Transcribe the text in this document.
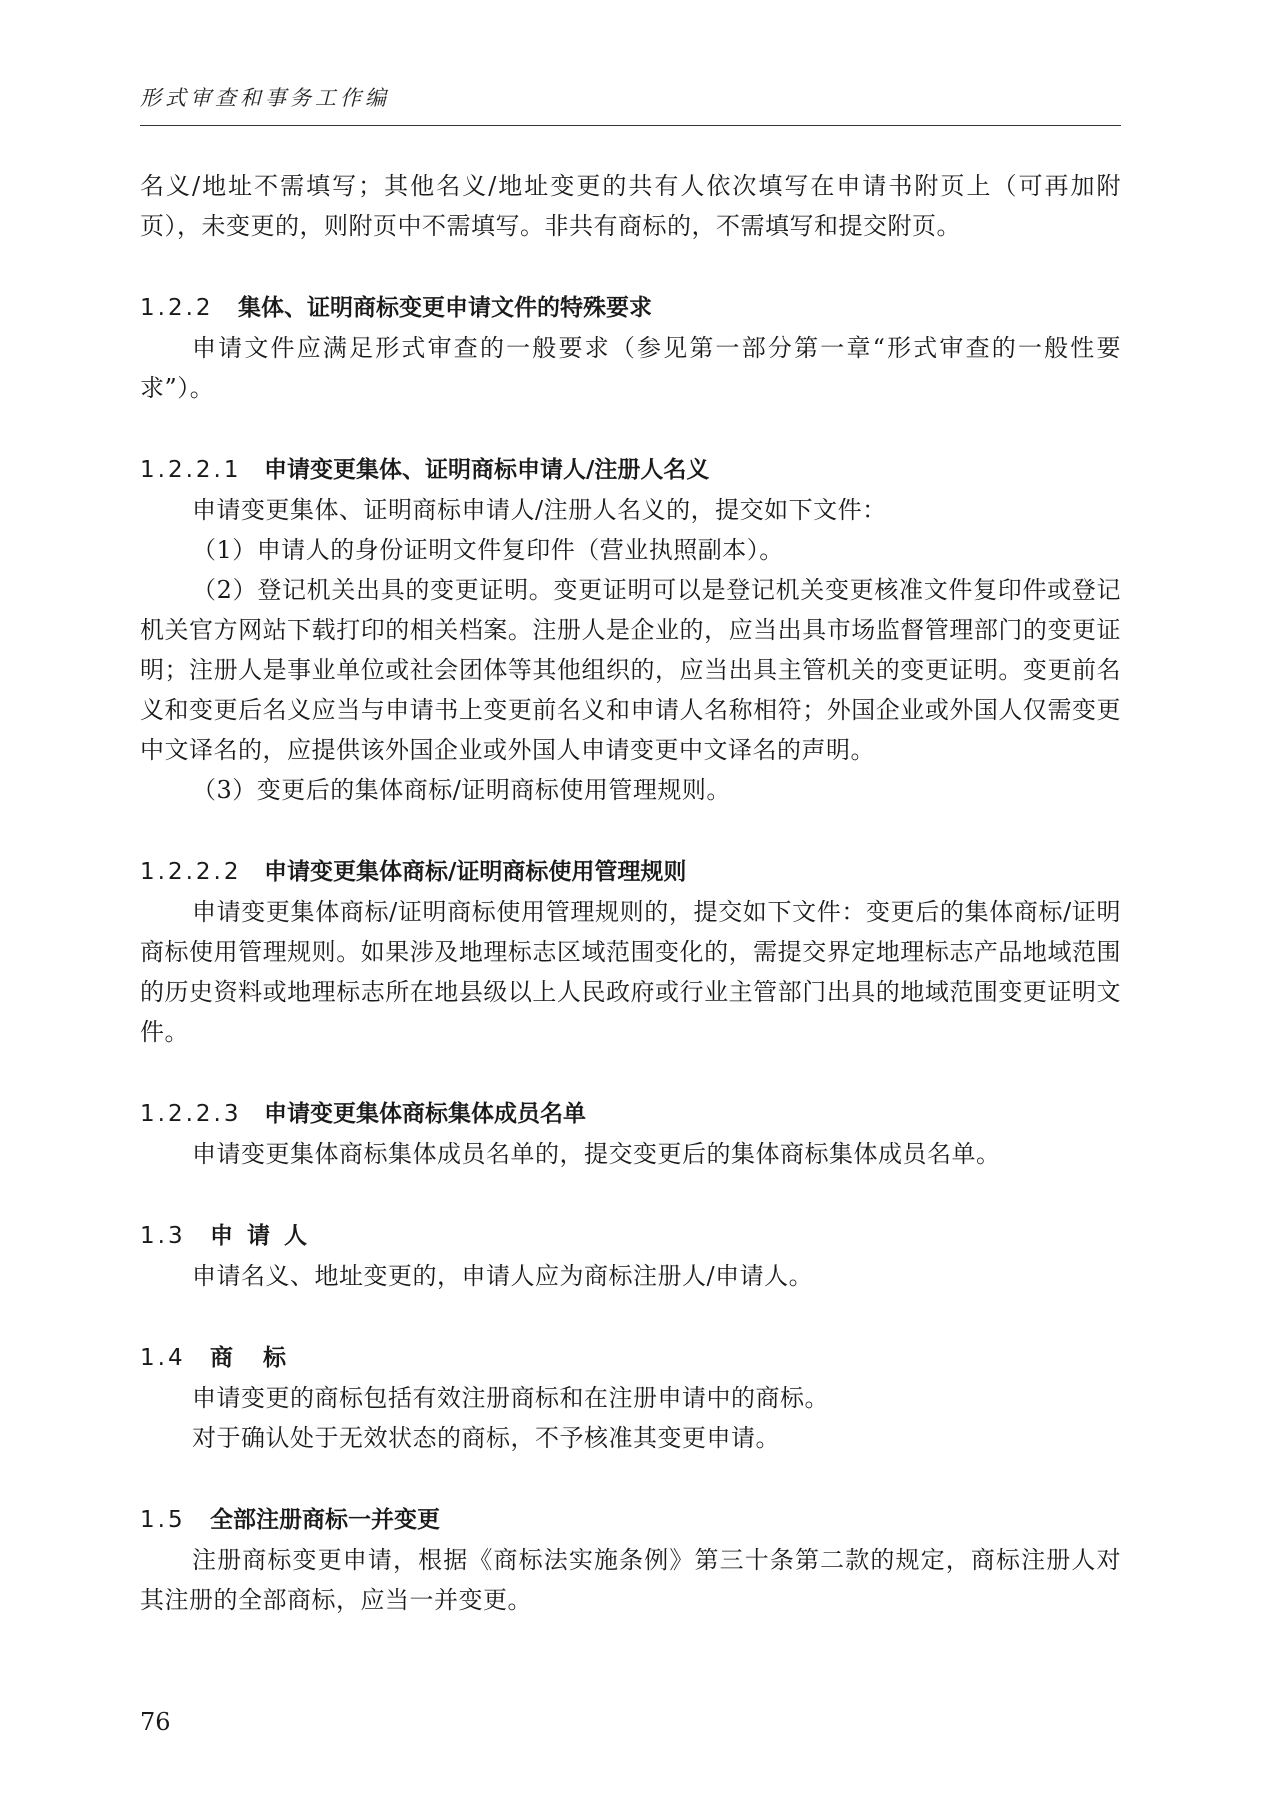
形式审查和事务工作编

名义/地址不需填写；其他名义/地址变更的共有人依次填写在申请书附页上（可再加附页），未变更的，则附页中不需填写。非共有商标的，不需填写和提交附页。

1.2.2 集体、证明商标变更申请文件的特殊要求

申请文件应满足形式审查的一般要求（参见第一部分第一章“形式审查的一般性要求”）。

1.2.2.1 申请变更集体、证明商标申请人/注册人名义

申请变更集体、证明商标申请人/注册人名义的，提交如下文件：

（1）申请人的身份证明文件复印件（营业执照副本）。

（2）登记机关出具的变更证明。变更证明可以是登记机关变更核准文件复印件或登记机关官方网站下载打印的相关档案。注册人是企业的，应当出具市场监督管理部门的变更证明；注册人是事业单位或社会团体等其他组织的，应当出具主管机关的变更证明。变更前名义和变更后名义应当与申请书上变更前名义和申请人名称相符；外国企业或外国人仅需变更中文译名的，应提供该外国企业或外国人申请变更中文译名的声明。

（3）变更后的集体商标/证明商标使用管理规则。

1.2.2.2 申请变更集体商标/证明商标使用管理规则

申请变更集体商标/证明商标使用管理规则的，提交如下文件：变更后的集体商标/证明商标使用管理规则。如果涉及地理标志区域范围变化的，需提交界定地理标志产品地域范围的历史资料或地理标志所在地县级以上人民政府或行业主管部门出具的地域范围变更证明文件。

1.2.2.3 申请变更集体商标集体成员名单

申请变更集体商标集体成员名单的，提交变更后的集体商标集体成员名单。

1.3 申请人

申请名义、地址变更的，申请人应为商标注册人/申请人。

1.4 商标

申请变更的商标包括有效注册商标和在注册申请中的商标。

对于确认处于无效状态的商标，不予核准其变更申请。

1.5 全部注册商标一并变更

注册商标变更申请，根据《商标法实施条例》第三十条第二款的规定，商标注册人对其注册的全部商标，应当一并变更。

76
